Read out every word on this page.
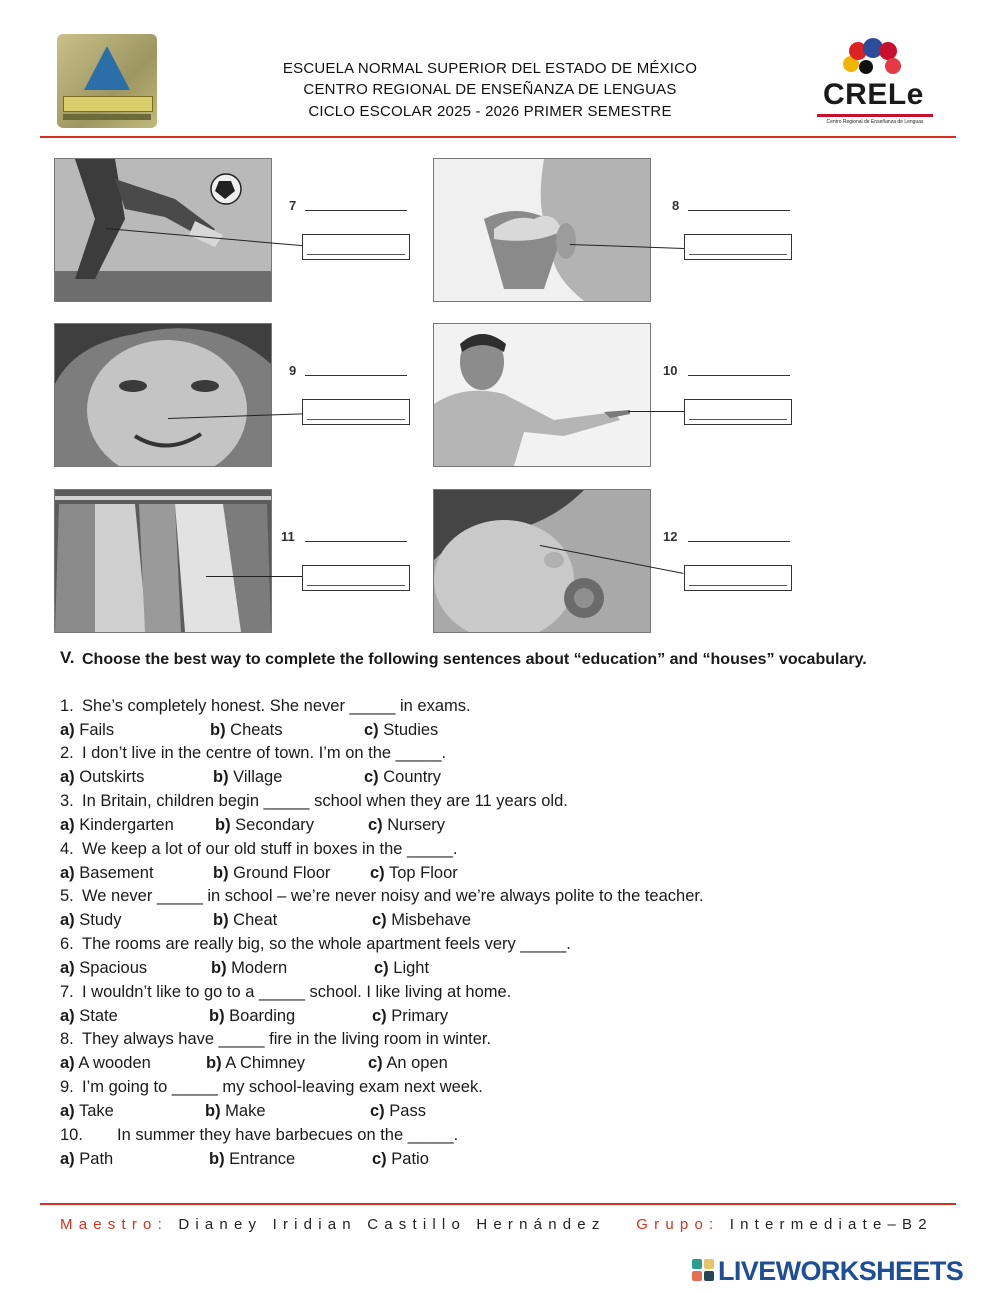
ESCUELA NORMAL SUPERIOR DEL ESTADO DE MÉXICO
CENTRO REGIONAL DE ENSEÑANZA DE LENGUAS
CICLO ESCOLAR 2025 - 2026 PRIMER SEMESTRE
CRELe
Centro Regional de Enseñanza de Lenguas
7	8
9	10
11	12
V. Choose the best way to complete the following sentences about “education” and “houses” vocabulary.
1. She’s completely honest. She never _____ in exams.
a) Fails	b) Cheats	c) Studies
2. I don’t live in the centre of town. I’m on the _____.
a) Outskirts	b) Village	c) Country
3. In Britain, children begin _____ school when they are 11 years old.
a) Kindergarten	b) Secondary	c) Nursery
4. We keep a lot of our old stuff in boxes in the _____.
a) Basement	b) Ground Floor c) Top Floor
5. We never _____ in school – we’re never noisy and we’re always polite to the teacher.
a) Study	b) Cheat	c) Misbehave
6. The rooms are really big, so the whole apartment feels very _____.
a) Spacious	b) Modern	c) Light
7. I wouldn’t like to go to a _____ school. I like living at home.
a) State	b) Boarding	c) Primary
8. They always have _____ fire in the living room in winter.
a) A wooden	b) A Chimney	c) An open
9. I’m going to _____ my school-leaving exam next week.
a) Take	b) Make	c) Pass
10. In summer they have barbecues on the _____.
a) Path	b) Entrance	c) Patio
Maestro: Dianey Iridian Castillo Hernández Grupo: Intermediate–B2
LIVEWORKSHEETS
